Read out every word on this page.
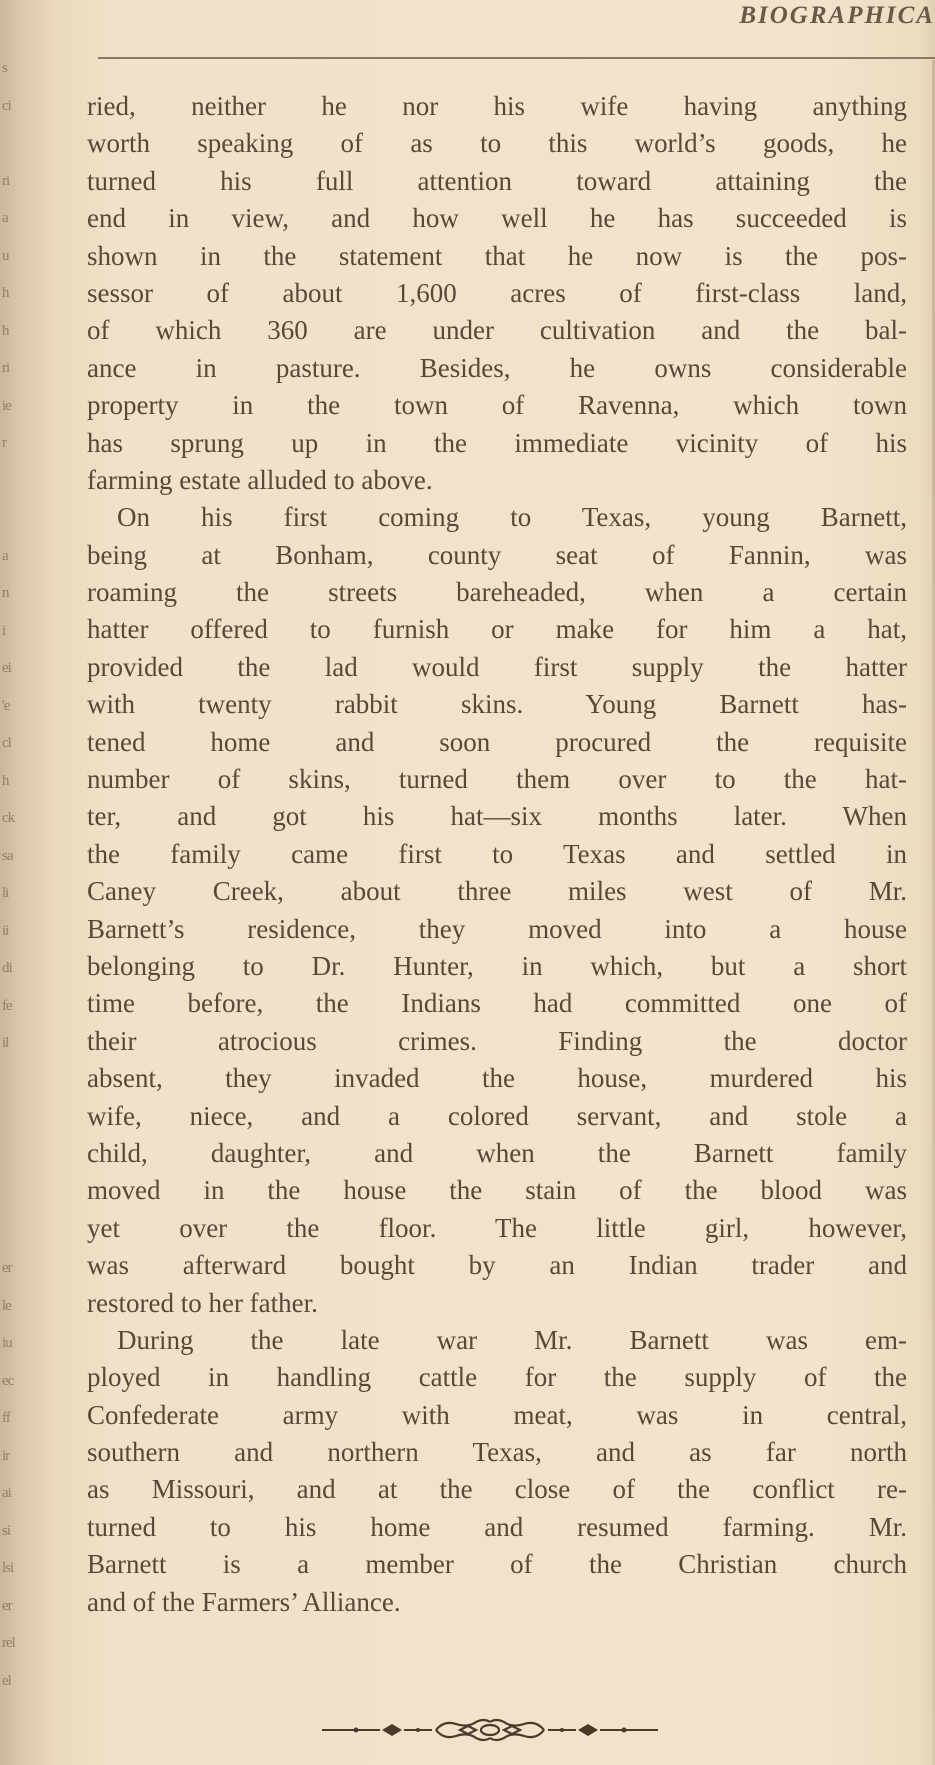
s
ci
ri
a
u
h
h
ri
ie
r
a
n
i
ei
'e
cl
h
ck
sa
li
ii
di
fe
il
er
le
iu
ec
ff
ir
ai
si
lsi
er
rel
el
BIOGRAPHICA
ried, neither he nor his wife having anything
worth speaking of as to this world’s goods, he
turned his full attention toward attaining the
end in view, and how well he has succeeded is
shown in the statement that he now is the pos-
sessor of about 1,600 acres of first-class land,
of which 360 are under cultivation and the bal-
ance in pasture. Besides, he owns considerable
property in the town of Ravenna, which town
has sprung up in the immediate vicinity of his
farming estate alluded to above.
On his first coming to Texas, young Barnett,
being at Bonham, county seat of Fannin, was
roaming the streets bareheaded, when a certain
hatter offered to furnish or make for him a hat,
provided the lad would first supply the hatter
with twenty rabbit skins. Young Barnett has-
tened home and soon procured the requisite
number of skins, turned them over to the hat-
ter, and got his hat—six months later. When
the family came first to Texas and settled in
Caney Creek, about three miles west of Mr.
Barnett’s residence, they moved into a house
belonging to Dr. Hunter, in which, but a short
time before, the Indians had committed one of
their atrocious crimes. Finding the doctor
absent, they invaded the house, murdered his
wife, niece, and a colored servant, and stole a
child, daughter, and when the Barnett family
moved in the house the stain of the blood was
yet over the floor. The little girl, however,
was afterward bought by an Indian trader and
restored to her father.
During the late war Mr. Barnett was em-
ployed in handling cattle for the supply of the
Confederate army with meat, was in central,
southern and northern Texas, and as far north
as Missouri, and at the close of the conflict re-
turned to his home and resumed farming. Mr.
Barnett is a member of the Christian church
and of the Farmers’ Alliance.
